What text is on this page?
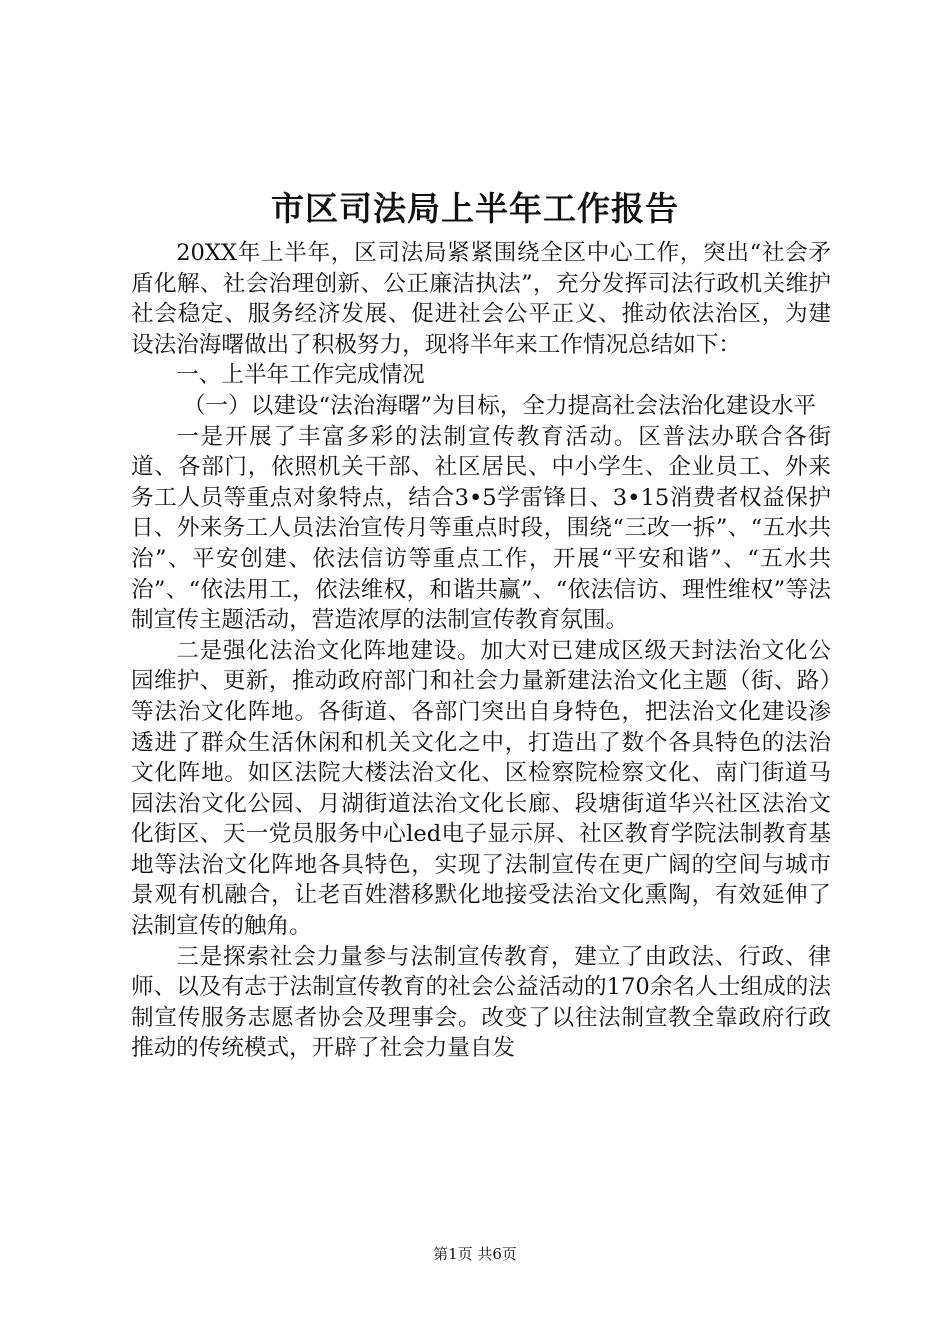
市区司法局上半年工作报告

20XX年上半年，区司法局紧紧围绕全区中心工作，突出“社会矛盾化解、社会治理创新、公正廉洁执法”，充分发挥司法行政机关维护社会稳定、服务经济发展、促进社会公平正义、推动依法治区，为建设法治海曙做出了积极努力，现将半年来工作情况总结如下：

一、上半年工作完成情况

（一）以建设“法治海曙”为目标，全力提高社会法治化建设水平

一是开展了丰富多彩的法制宣传教育活动。区普法办联合各街道、各部门，依照机关干部、社区居民、中小学生、企业员工、外来务工人员等重点对象特点，结合3•5学雷锋日、3•15消费者权益保护日、外来务工人员法治宣传月等重点时段，围绕“三改一拆”、“五水共治”、平安创建、依法信访等重点工作，开展“平安和谐”、“五水共治”、“依法用工，依法维权，和谐共赢”、“依法信访、理性维权”等法制宣传主题活动，营造浓厚的法制宣传教育氛围。

二是强化法治文化阵地建设。加大对已建成区级天封法治文化公园维护、更新，推动政府部门和社会力量新建法治文化主题（街、路）等法治文化阵地。各街道、各部门突出自身特色，把法治文化建设渗透进了群众生活休闲和机关文化之中，打造出了数个各具特色的法治文化阵地。如区法院大楼法治文化、区检察院检察文化、南门街道马园法治文化公园、月湖街道法治文化长廊、段塘街道华兴社区法治文化街区、天一党员服务中心led电子显示屏、社区教育学院法制教育基地等法治文化阵地各具特色，实现了法制宣传在更广阔的空间与城市景观有机融合，让老百姓潜移默化地接受法治文化熏陶，有效延伸了法制宣传的触角。

三是探索社会力量参与法制宣传教育，建立了由政法、行政、律师、以及有志于法制宣传教育的社会公益活动的170余名人士组成的法制宣传服务志愿者协会及理事会。改变了以往法制宣教全靠政府行政推动的传统模式，开辟了社会力量自发

第1页 共6页
